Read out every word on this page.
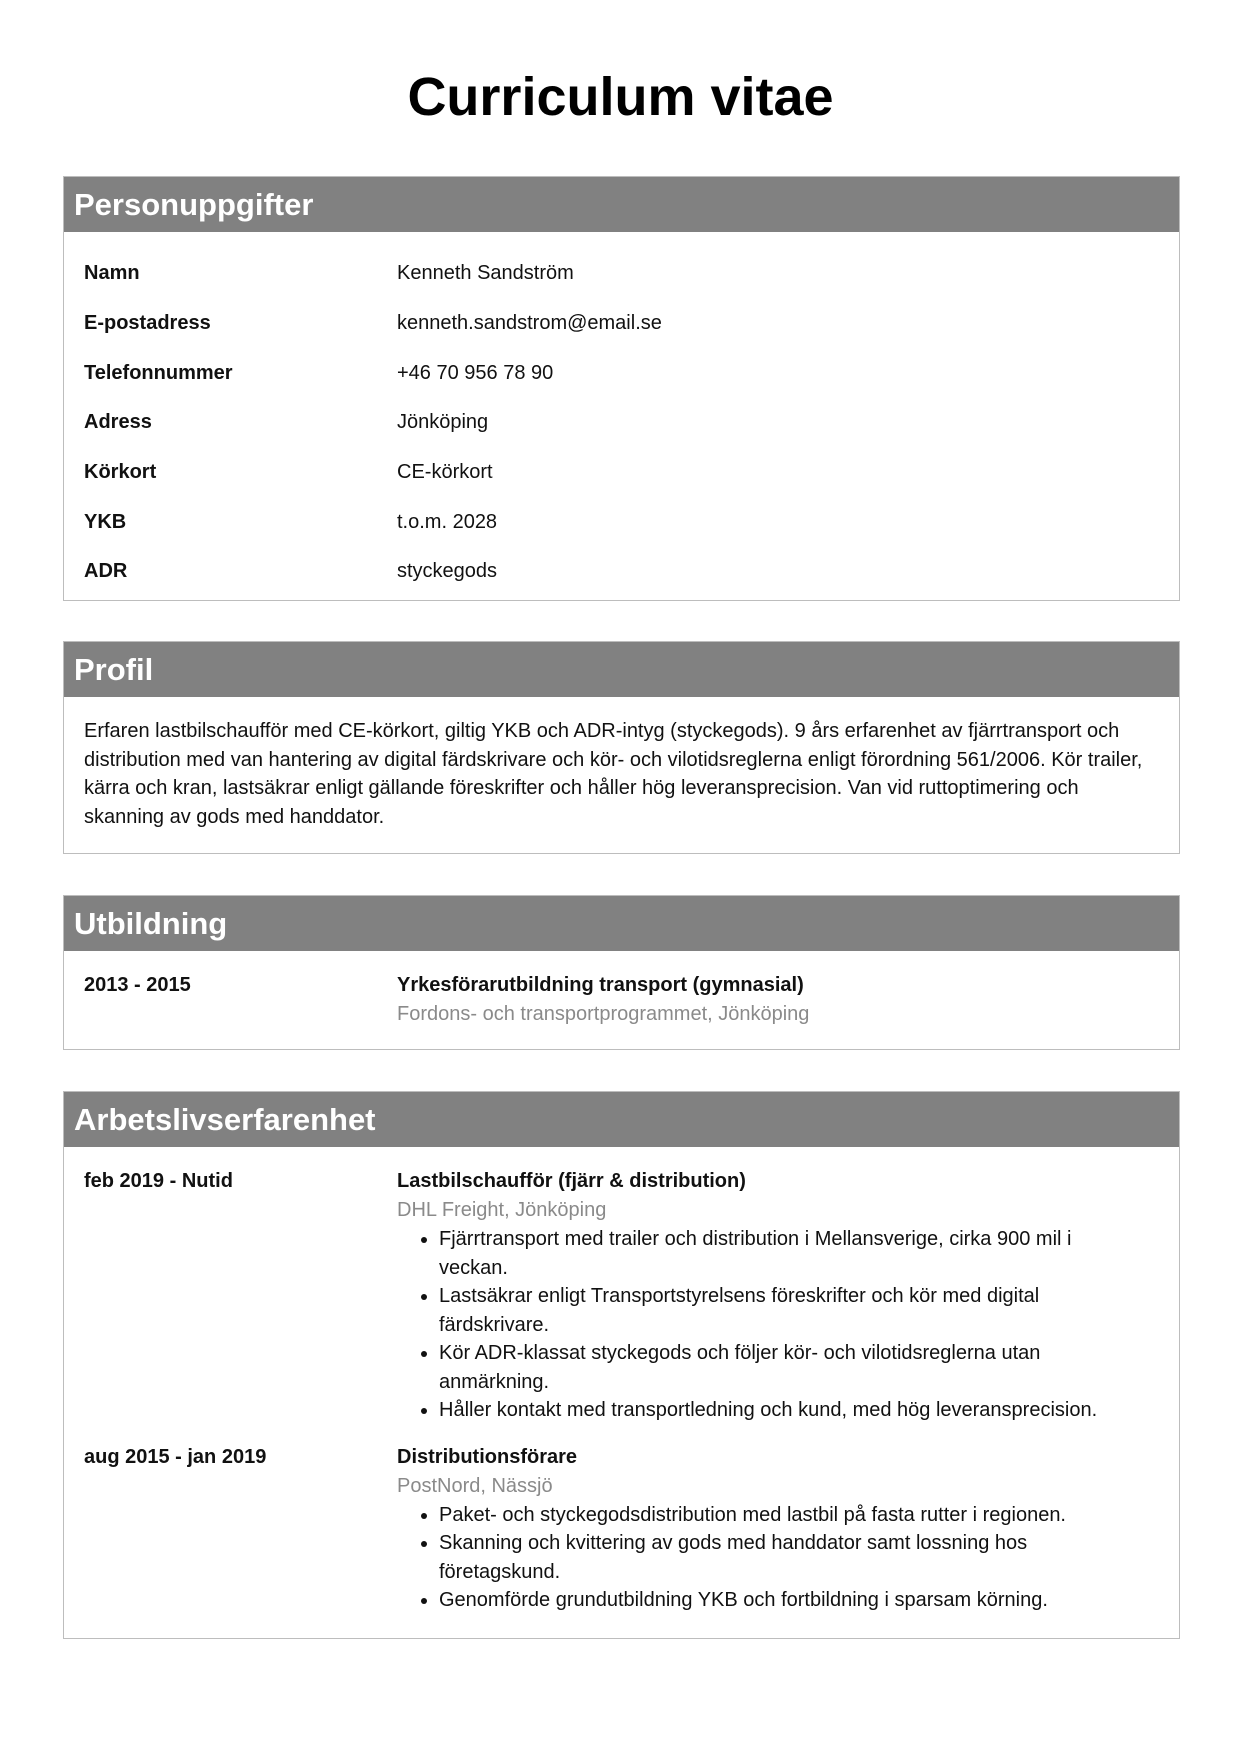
Curriculum vitae
Personuppgifter
Namn	Kenneth Sandström
E-postadress	kenneth.sandstrom@email.se
Telefonnummer	+46 70 956 78 90
Adress	Jönköping
Körkort	CE-körkort
YKB	t.o.m. 2028
ADR	styckegods
Profil

Erfaren lastbilschaufför med CE-körkort, giltig YKB och ADR-intyg (styckegods). 9 års erfarenhet av fjärrtransport och distribution med van hantering av digital färdskrivare och kör- och vilotidsreglerna enligt förordning 561/2006. Kör trailer, kärra och kran, lastsäkrar enligt gällande föreskrifter och håller hög leveransprecision. Van vid ruttoptimering och skanning av gods med handdator.

Utbildning
2013 - 2015	Yrkesförarutbildning transport (gymnasial)
Fordons- och transportprogrammet, Jönköping
Arbetslivserfarenhet
feb 2019 - Nutid	Lastbilschaufför (fjärr & distribution)
DHL Freight, Jönköping
• Fjärrtransport med trailer och distribution i Mellansverige, cirka 900 mil i veckan.
• Lastsäkrar enligt Transportstyrelsens föreskrifter och kör med digital färdskrivare.
• Kör ADR-klassat styckegods och följer kör- och vilotidsreglerna utan anmärkning.
• Håller kontakt med transportledning och kund, med hög leveransprecision.
aug 2015 - jan 2019	Distributionsförare
PostNord, Nässjö
• Paket- och styckegodsdistribution med lastbil på fasta rutter i regionen.
• Skanning och kvittering av gods med handdator samt lossning hos företagskund.
• Genomförde grundutbildning YKB och fortbildning i sparsam körning.
